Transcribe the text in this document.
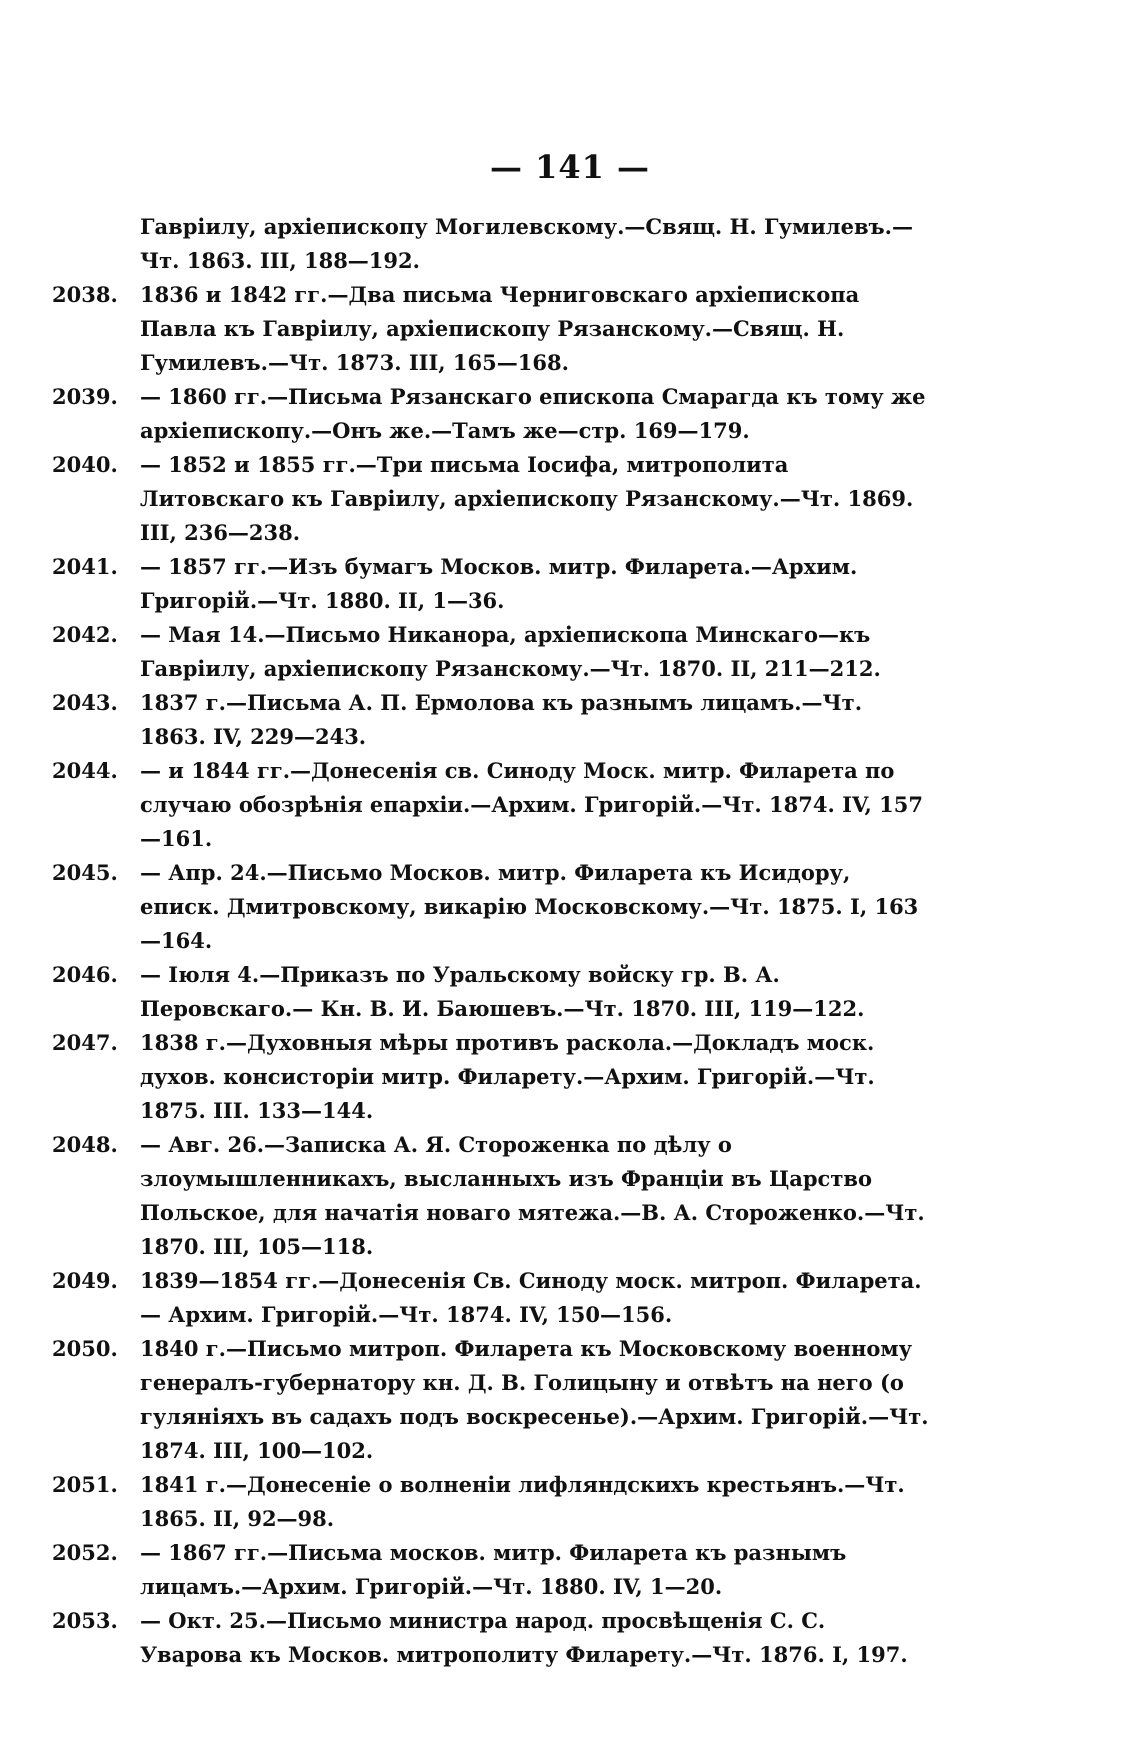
— 141 —
Гаврiилу, архiепископу Могилевскому.—Свящ. Н. Гумилевъ.—Чт. 1863. III, 188—192.
2038.	1836 и 1842 гг.—Два письма Черниговскаго архiепископа Павла къ Гаврiилу, архiепископу Рязанскому.—Свящ. Н. Гумилевъ.—Чт. 1873. III, 165—168.
2039.	— 1860 гг.—Письма Рязанскаго епископа Смарагда къ тому же архiепископу.—Онъ же.—Тамъ же—стр. 169—179.
2040.	— 1852 и 1855 гг.—Три письма Iосифа, митрополита Литовскаго къ Гаврiилу, архiепископу Рязанскому.—Чт. 1869. III, 236—238.
2041.	— 1857 гг.—Изъ бумагъ Москов. митр. Филарета.—Архим. Григорiй.—Чт. 1880. II, 1—36.
2042.	— Мая 14.—Письмо Никанора, архiепископа Минскаго—къ Гаврiилу, архiепископу Рязанскому.—Чт. 1870. II, 211—212.
2043.	1837 г.—Письма А. П. Ермолова къ разнымъ лицамъ.—Чт. 1863. IV, 229—243.
2044.	— и 1844 гг.—Донесенiя св. Синоду Моск. митр. Филарета по случаю обозрѣнiя епархiи.—Архим. Григорiй.—Чт. 1874. IV, 157—161.
2045.	— Апр. 24.—Письмо Москов. митр. Филарета къ Исидору, епиcк. Дмитровскому, викарiю Московскому.—Чт. 1875. I, 163—164.
2046.	— Iюля 4.—Приказъ по Уральскому войску гр. В. А. Перовскаго.— Кн. В. И. Баюшевъ.—Чт. 1870. III, 119—122.
2047.	1838 г.—Духовныя мѣры противъ раскола.—Докладъ моск. духов. консисторiи митр. Филарету.—Архим. Григорiй.—Чт. 1875. III. 133—144.
2048.	— Авг. 26.—Записка А. Я. Стороженка по дѣлу о злоумышленникахъ, высланныхъ изъ Францiи въ Царство Польское, для начатiя новаго мятежа.—В. А. Стороженко.—Чт. 1870. III, 105—118.
2049.	1839—1854 гг.—Донесенiя Св. Синоду моск. митроп. Филарета.— Архим. Григорiй.—Чт. 1874. IV, 150—156.
2050.	1840 г.—Письмо митроп. Филарета къ Московскому военному генералъ-губернатору кн. Д. В. Голицыну и отвѣтъ на него (о гулянiяхъ въ садахъ подъ воскресенье).—Архим. Григорiй.—Чт. 1874. III, 100—102.
2051.	1841 г.—Донесенiе о волненiи лифляндскихъ крестьянъ.—Чт. 1865. II, 92—98.
2052.	— 1867 гг.—Письма москов. митр. Филарета къ разнымъ лицамъ.—Архим. Григорiй.—Чт. 1880. IV, 1—20.
2053.	— Окт. 25.—Письмо министра народ. просвѣщенiя С. С. Уварова къ Москов. митрополиту Филарету.—Чт. 1876. I, 197.
